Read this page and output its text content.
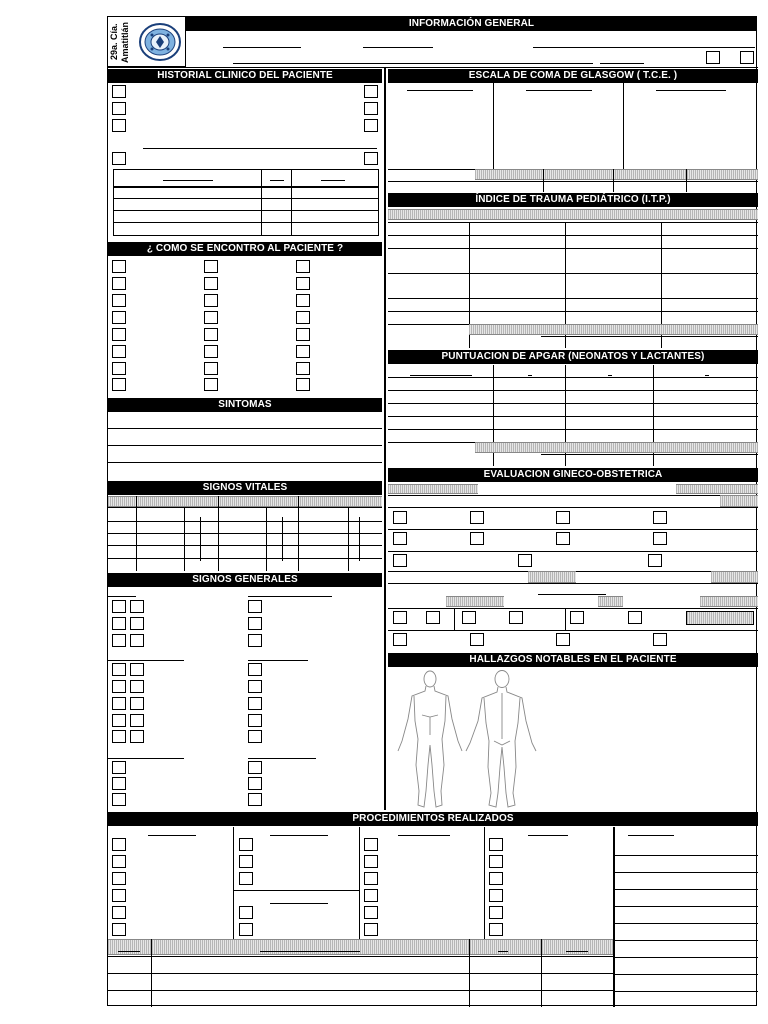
29a. Cía. Amatitlán	INFORMACIÓN GENERAL
HISTORIAL CLINICO DEL PACIENTE
¿ COMO SE ENCONTRO AL PACIENTE ?
SINTOMAS
SIGNOS VITALES
SIGNOS GENERALES
ESCALA DE COMA DE GLASGOW ( T.C.E. )
ÍNDICE DE TRAUMA PEDIÁTRICO (I.T.P.)
PUNTUACION DE APGAR (NEONATOS Y LACTANTES)
EVALUACION GINECO-OBSTETRICA
HALLAZGOS NOTABLES EN EL PACIENTE
PROCEDIMIENTOS REALIZADOS
